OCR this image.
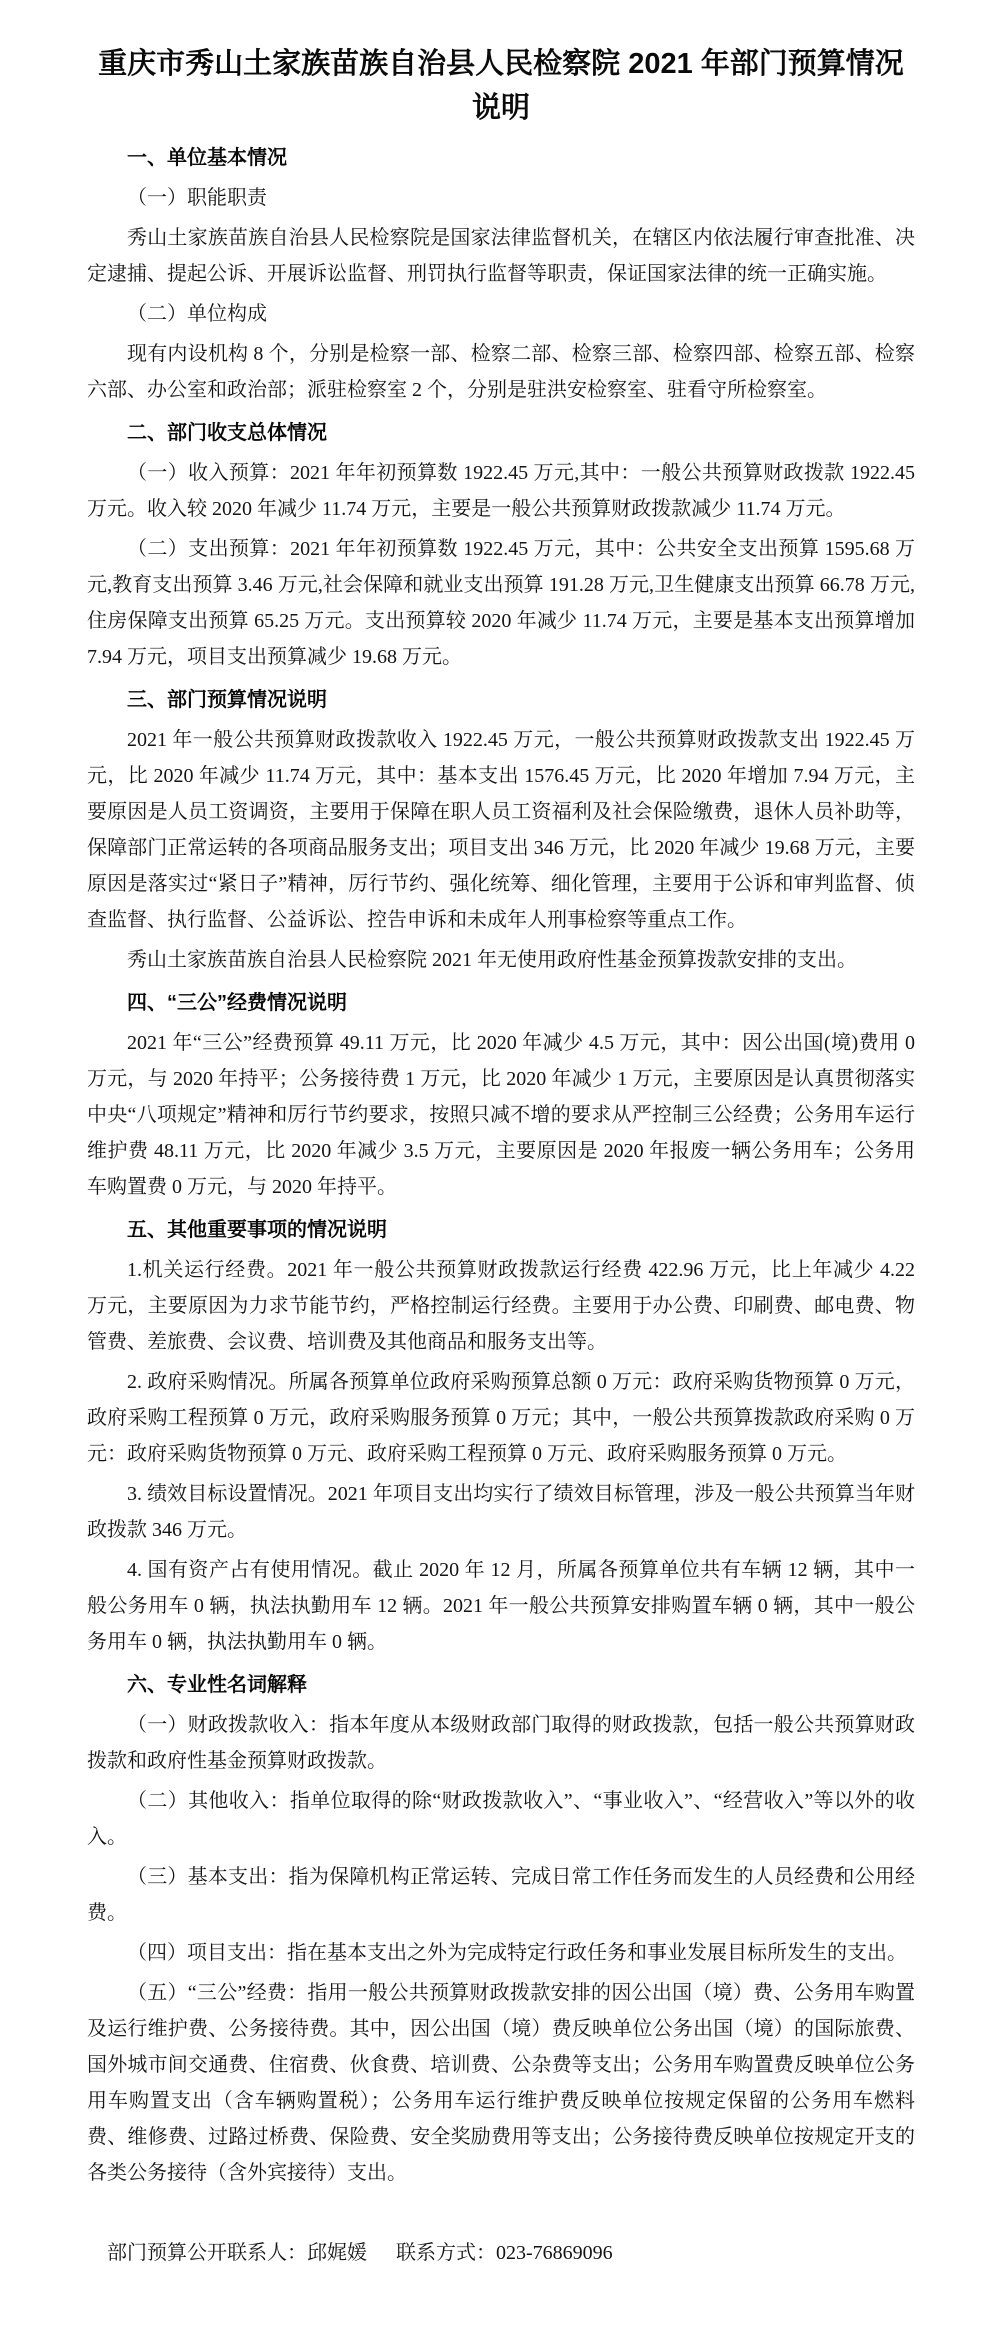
重庆市秀山土家族苗族自治县人民检察院 2021 年部门预算情况说明
一、单位基本情况

（一）职能职责

秀山土家族苗族自治县人民检察院是国家法律监督机关，在辖区内依法履行审查批准、决定逮捕、提起公诉、开展诉讼监督、刑罚执行监督等职责，保证国家法律的统一正确实施。

（二）单位构成

现有内设机构 8 个，分别是检察一部、检察二部、检察三部、检察四部、检察五部、检察六部、办公室和政治部；派驻检察室 2 个，分别是驻洪安检察室、驻看守所检察室。

二、部门收支总体情况

（一）收入预算：2021 年年初预算数 1922.45 万元,其中：一般公共预算财政拨款 1922.45 万元。收入较 2020 年减少 11.74 万元，主要是一般公共预算财政拨款减少 11.74 万元。

（二）支出预算：2021 年年初预算数 1922.45 万元，其中：公共安全支出预算 1595.68 万元,教育支出预算 3.46 万元,社会保障和就业支出预算 191.28 万元,卫生健康支出预算 66.78 万元,住房保障支出预算 65.25 万元。支出预算较 2020 年减少 11.74 万元，主要是基本支出预算增加 7.94 万元，项目支出预算减少 19.68 万元。

三、部门预算情况说明

2021 年一般公共预算财政拨款收入 1922.45 万元，一般公共预算财政拨款支出 1922.45 万元，比 2020 年减少 11.74 万元，其中：基本支出 1576.45 万元，比 2020 年增加 7.94 万元，主要原因是人员工资调资，主要用于保障在职人员工资福利及社会保险缴费，退休人员补助等，保障部门正常运转的各项商品服务支出；项目支出 346 万元，比 2020 年减少 19.68 万元，主要原因是落实过“紧日子”精神，厉行节约、强化统筹、细化管理，主要用于公诉和审判监督、侦查监督、执行监督、公益诉讼、控告申诉和未成年人刑事检察等重点工作。

秀山土家族苗族自治县人民检察院 2021 年无使用政府性基金预算拨款安排的支出。

四、“三公”经费情况说明

2021 年“三公”经费预算 49.11 万元，比 2020 年减少 4.5 万元，其中：因公出国(境)费用 0 万元，与 2020 年持平；公务接待费 1 万元，比 2020 年减少 1 万元，主要原因是认真贯彻落实中央“八项规定”精神和厉行节约要求，按照只减不增的要求从严控制三公经费；公务用车运行维护费 48.11 万元，比 2020 年减少 3.5 万元，主要原因是 2020 年报废一辆公务用车；公务用车购置费 0 万元，与 2020 年持平。

五、其他重要事项的情况说明

1.机关运行经费。2021 年一般公共预算财政拨款运行经费 422.96 万元，比上年减少 4.22 万元，主要原因为力求节能节约，严格控制运行经费。主要用于办公费、印刷费、邮电费、物管费、差旅费、会议费、培训费及其他商品和服务支出等。

2. 政府采购情况。所属各预算单位政府采购预算总额 0 万元：政府采购货物预算 0 万元，政府采购工程预算 0 万元，政府采购服务预算 0 万元；其中，一般公共预算拨款政府采购 0 万元：政府采购货物预算 0 万元、政府采购工程预算 0 万元、政府采购服务预算 0 万元。

3. 绩效目标设置情况。2021 年项目支出均实行了绩效目标管理，涉及一般公共预算当年财政拨款 346 万元。

4. 国有资产占有使用情况。截止 2020 年 12 月，所属各预算单位共有车辆 12 辆，其中一般公务用车 0 辆，执法执勤用车 12 辆。2021 年一般公共预算安排购置车辆 0 辆，其中一般公务用车 0 辆，执法执勤用车 0 辆。

六、专业性名词解释

（一）财政拨款收入：指本年度从本级财政部门取得的财政拨款，包括一般公共预算财政拨款和政府性基金预算财政拨款。

（二）其他收入：指单位取得的除“财政拨款收入”、“事业收入”、“经营收入”等以外的收入。

（三）基本支出：指为保障机构正常运转、完成日常工作任务而发生的人员经费和公用经费。

（四）项目支出：指在基本支出之外为完成特定行政任务和事业发展目标所发生的支出。

（五）“三公”经费：指用一般公共预算财政拨款安排的因公出国（境）费、公务用车购置及运行维护费、公务接待费。其中，因公出国（境）费反映单位公务出国（境）的国际旅费、国外城市间交通费、住宿费、伙食费、培训费、公杂费等支出；公务用车购置费反映单位公务用车购置支出（含车辆购置税）；公务用车运行维护费反映单位按规定保留的公务用车燃料费、维修费、过路过桥费、保险费、安全奖励费用等支出；公务接待费反映单位按规定开支的各类公务接待（含外宾接待）支出。

部门预算公开联系人：邱娓媛 联系方式：023-76869096
